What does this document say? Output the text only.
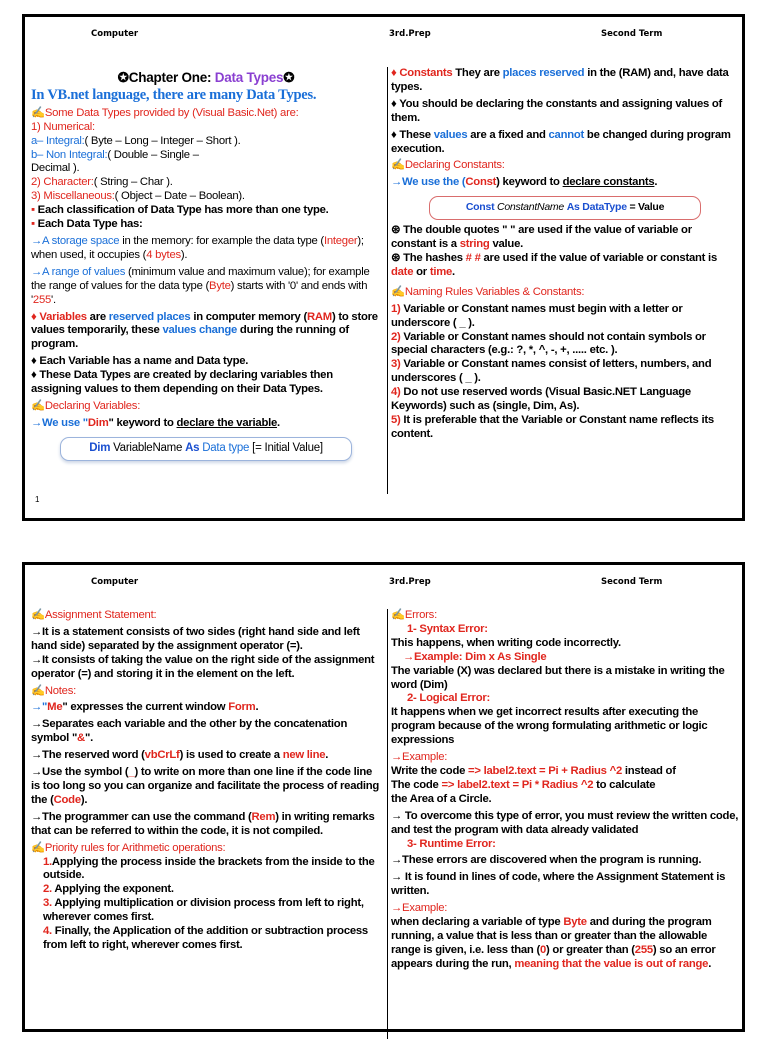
Computer	3rd.Prep	Second Term
✪Chapter One: Data Types✪
In VB.net language, there are many Data Types.

✍Some Data Types provided by (Visual Basic.Net) are:

1) Numerical:

a– Integral:( Byte – Long – Integer – Short ).

b– Non Integral:( Double – Single –

Decimal ).

2) Character:( String – Char ).

3) Miscellaneous:( Object – Date – Boolean).

▪ Each classification of Data Type has more than one type.

▪ Each Data Type has:

→A storage space in the memory: for example the data type (Integer); when used, it occupies (4 bytes).

→A range of values (minimum value and maximum value); for example the range of values for the data type (Byte) starts with '0' and ends with '255'.

♦ Variables are reserved places in computer memory (RAM) to store values temporarily, these values change during the running of program.

♦ Each Variable has a name and Data type.

♦ These Data Types are created by declaring variables then assigning values to them depending on their Data Types.

✍Declaring Variables:

→We use "Dim" keyword to declare the variable.

Dim VariableName As Data type [= Initial Value]

♦ Constants They are places reserved in the (RAM) and, have data types.

♦ You should be declaring the constants and assigning values of them.

♦ These values are a fixed and cannot be changed during program execution.

✍Declaring Constants:

→We use the (Const) keyword to declare constants.

Const ConstantName As DataType = Value

⊛ The double quotes " " are used if the value of variable or constant is a string value.

⊛ The hashes # # are used if the value of variable or constant is date or time.

✍Naming Rules Variables & Constants:

1) Variable or Constant names must begin with a letter or underscore ( _ ).

2) Variable or Constant names should not contain symbols or special characters (e.g.: ?, *, ^, -, +, ..... etc. ).

3) Variable or Constant names consist of letters, numbers, and underscores ( _ ).

4) Do not use reserved words (Visual Basic.NET Language Keywords) such as (single, Dim, As).

5) It is preferable that the Variable or Constant name reflects its content.

1
Computer	3rd.Prep	Second Term

✍Assignment Statement:

→It is a statement consists of two sides (right hand side and left hand side) separated by the assignment operator (=).

→It consists of taking the value on the right side of the assignment operator (=) and storing it in the element on the left.

✍Notes:

→"Me" expresses the current window Form.

→Separates each variable and the other by the concatenation symbol "&".

→The reserved word (vbCrLf) is used to create a new line.

→Use the symbol (_) to write on more than one line if the code line is too long so you can organize and facilitate the process of reading the (Code).

→The programmer can use the command (Rem) in writing remarks that can be referred to within the code, it is not compiled.

✍Priority rules for Arithmetic operations:

1.Applying the process inside the brackets from the inside to the outside.

2. Applying the exponent.

3. Applying multiplication or division process from left to right,

wherever comes first.

4. Finally, the Application of the addition or subtraction process

from left to right, wherever comes first.

✍Errors:

1- Syntax Error:

This happens, when writing code incorrectly.

→Example: Dim x As Single

The variable (X) was declared but there is a mistake in writing the word (Dim)

2- Logical Error:

It happens when we get incorrect results after executing the program because of the wrong formulating arithmetic or logic expressions

→Example:

Write the code => label2.text = Pi + Radius ^2 instead of

The code => label2.text = Pi * Radius ^2 to calculate

the Area of a Circle.

→ To overcome this type of error, you must review the written code, and test the program with data already validated

3- Runtime Error:

→These errors are discovered when the program is running.

→ It is found in lines of code, where the Assignment Statement is written.

→Example:

when declaring a variable of type Byte and during the program running, a value that is less than or greater than the allowable range is given, i.e. less than (0) or greater than (255) so an error appears during the run, meaning that the value is out of range.
